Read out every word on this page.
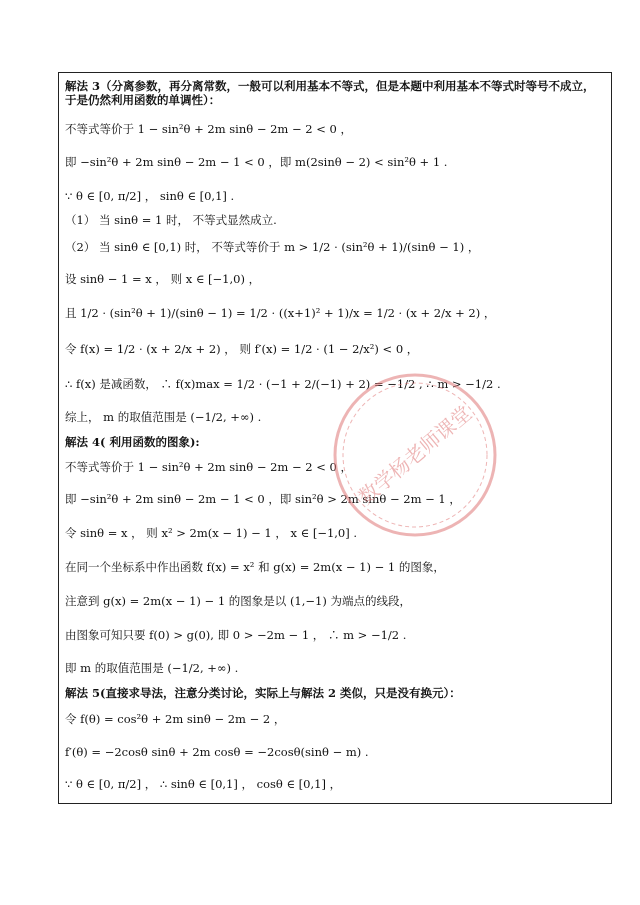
解法 3（分离参数，再分离常数，一般可以利用基本不等式，但是本题中利用基本不等式时等号不成立，于是仍然利用函数的单调性）：
不等式等价于 1 − sin²θ + 2m sinθ − 2m − 2 < 0 ，
即 −sin²θ + 2m sinθ − 2m − 1 < 0 ，即 m(2sinθ − 2) < sin²θ + 1 .
∵ θ ∈ [0, π/2] ， sinθ ∈ [0,1] .
（1） 当 sinθ = 1 时， 不等式显然成立.
（2） 当 sinθ ∈ [0,1) 时， 不等式等价于 m > 1/2 · (sin²θ + 1)/(sinθ − 1) ，
设 sinθ − 1 = x ， 则 x ∈ [−1,0) ，
且 1/2 · (sin²θ + 1)/(sinθ − 1) = 1/2 · ((x+1)² + 1)/x = 1/2 · (x + 2/x + 2) ，
令 f(x) = 1/2 · (x + 2/x + 2) ， 则 f′(x) = 1/2 · (1 − 2/x²) < 0 ，
∴ f(x) 是减函数， ∴ f(x)max = 1/2 · (−1 + 2/(−1) + 2) = −1/2 , ∴ m > −1/2 .
综上， m 的取值范围是 (−1/2, +∞) .
解法 4( 利用函数的图象):
不等式等价于 1 − sin²θ + 2m sinθ − 2m − 2 < 0 ，
即 −sin²θ + 2m sinθ − 2m − 1 < 0 ，即 sin²θ > 2m sinθ − 2m − 1 ，
令 sinθ = x ， 则 x² > 2m(x − 1) − 1 ， x ∈ [−1,0] .
在同一个坐标系中作出函数 f(x) = x² 和 g(x) = 2m(x − 1) − 1 的图象，
注意到 g(x) = 2m(x − 1) − 1 的图象是以 (1,−1) 为端点的线段，
由图象可知只要 f(0) > g(0), 即 0 > −2m − 1 ， ∴ m > −1/2 .
即 m 的取值范围是 (−1/2, +∞) .
解法 5(直接求导法，注意分类讨论，实际上与解法 2 类似，只是没有换元）：
令 f(θ) = cos²θ + 2m sinθ − 2m − 2 ，
f′(θ) = −2cosθ sinθ + 2m cosθ = −2cosθ(sinθ − m) .
∵ θ ∈ [0, π/2] ， ∴ sinθ ∈ [0,1] ， cosθ ∈ [0,1] ，
数学杨老师课堂
